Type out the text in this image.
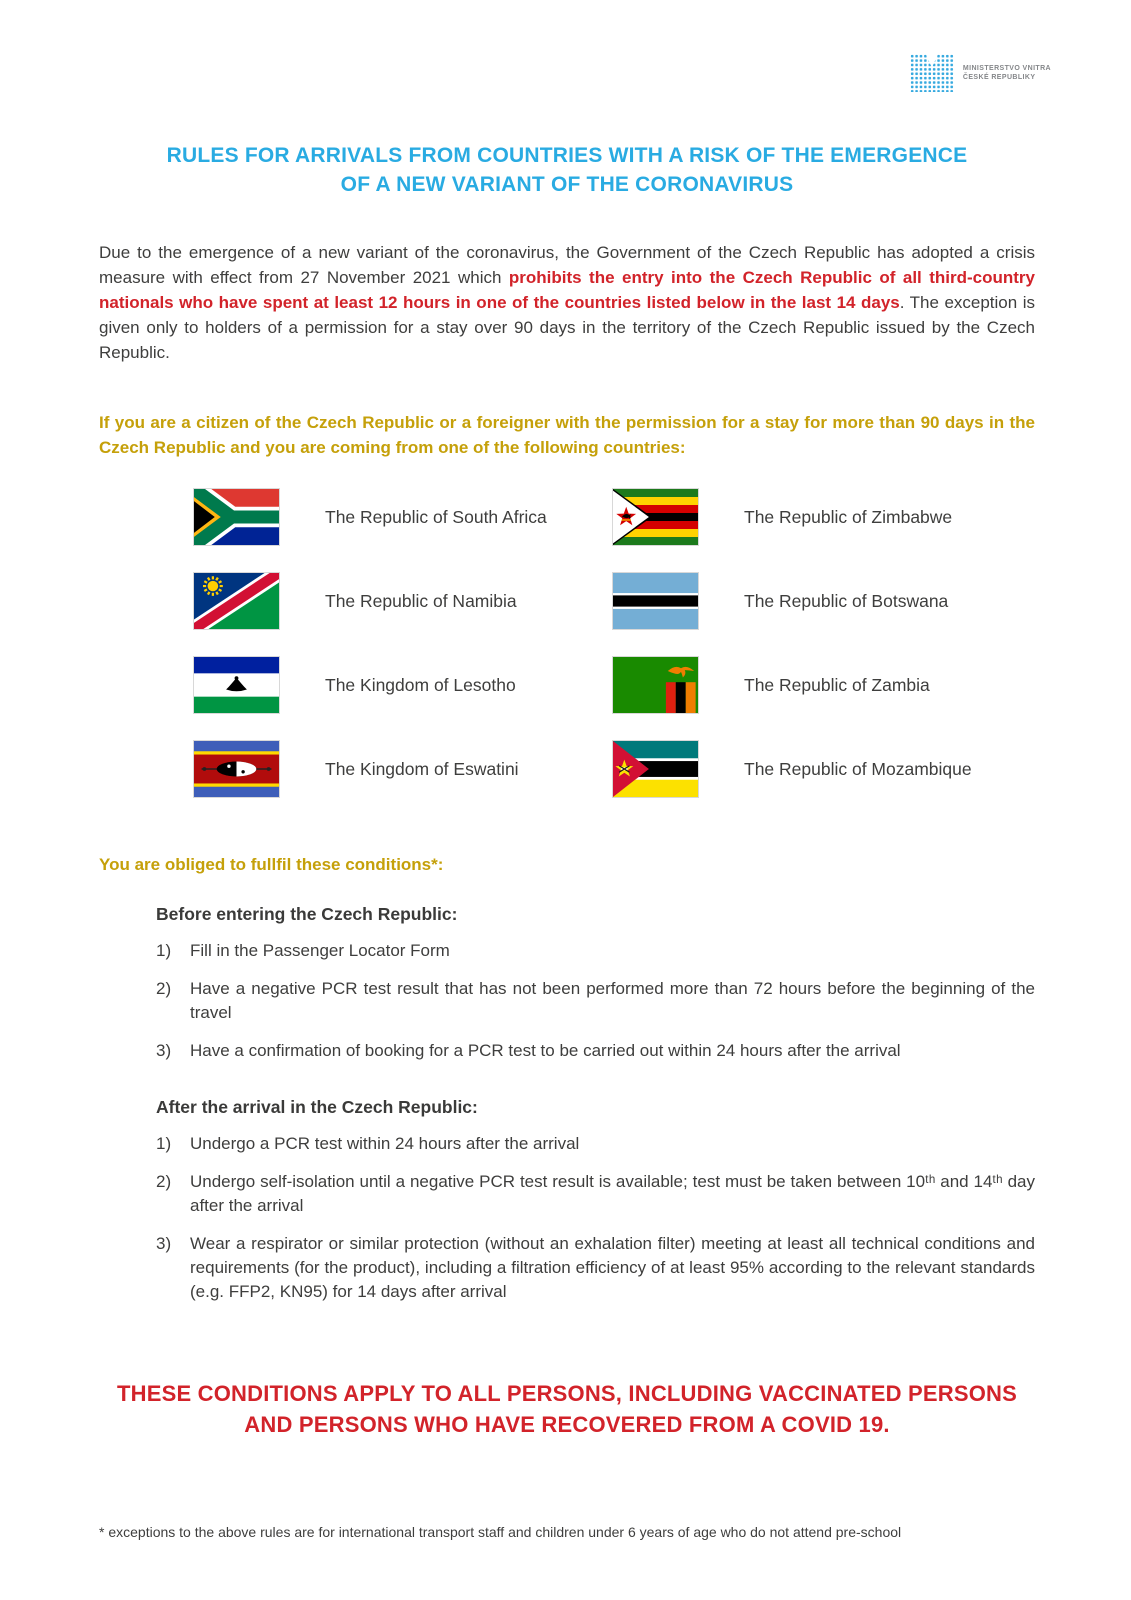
MINISTERSTVO VNITRA
ČESKÉ REPUBLIKY
RULES FOR ARRIVALS FROM COUNTRIES WITH A RISK OF THE EMERGENCE
OF A NEW VARIANT OF THE CORONAVIRUS

Due to the emergence of a new variant of the coronavirus, the Government of the Czech Republic has adopted a crisis measure with effect from 27 November 2021 which prohibits the entry into the Czech Republic of all third-country nationals who have spent at least 12 hours in one of the countries listed below in the last 14 days. The exception is given only to holders of a permission for a stay over 90 days in the territory of the Czech Republic issued by the Czech Republic.

If you are a citizen of the Czech Republic or a foreigner with the permission for a stay for more than 90 days in the Czech Republic and you are coming from one of the following countries:

The Republic of South Africa	The Republic of Zimbabwe
The Republic of Namibia	The Republic of Botswana
The Kingdom of Lesotho	The Republic of Zambia
The Kingdom of Eswatini	The Republic of Mozambique

You are obliged to fullfil these conditions*:

Before entering the Czech Republic:

1)	Fill in the Passenger Locator Form
2)	Have a negative PCR test result that has not been performed more than 72 hours before the beginning of the travel
3)	Have a confirmation of booking for a PCR test to be carried out within 24 hours after the arrival

After the arrival in the Czech Republic:

1)	Undergo a PCR test within 24 hours after the arrival
2)	Undergo self-isolation until a negative PCR test result is available; test must be taken between 10ᵗʰ and 14ᵗʰ day after the arrival
3)	Wear a respirator or similar protection (without an exhalation filter) meeting at least all technical conditions and requirements (for the product), including a filtration efficiency of at least 95% according to the relevant standards (e.g. FFP2, KN95) for 14 days after arrival

THESE CONDITIONS APPLY TO ALL PERSONS, INCLUDING VACCINATED PERSONS
AND PERSONS WHO HAVE RECOVERED FROM A COVID 19.

* exceptions to the above rules are for international transport staff and children under 6 years of age who do not attend pre-school
